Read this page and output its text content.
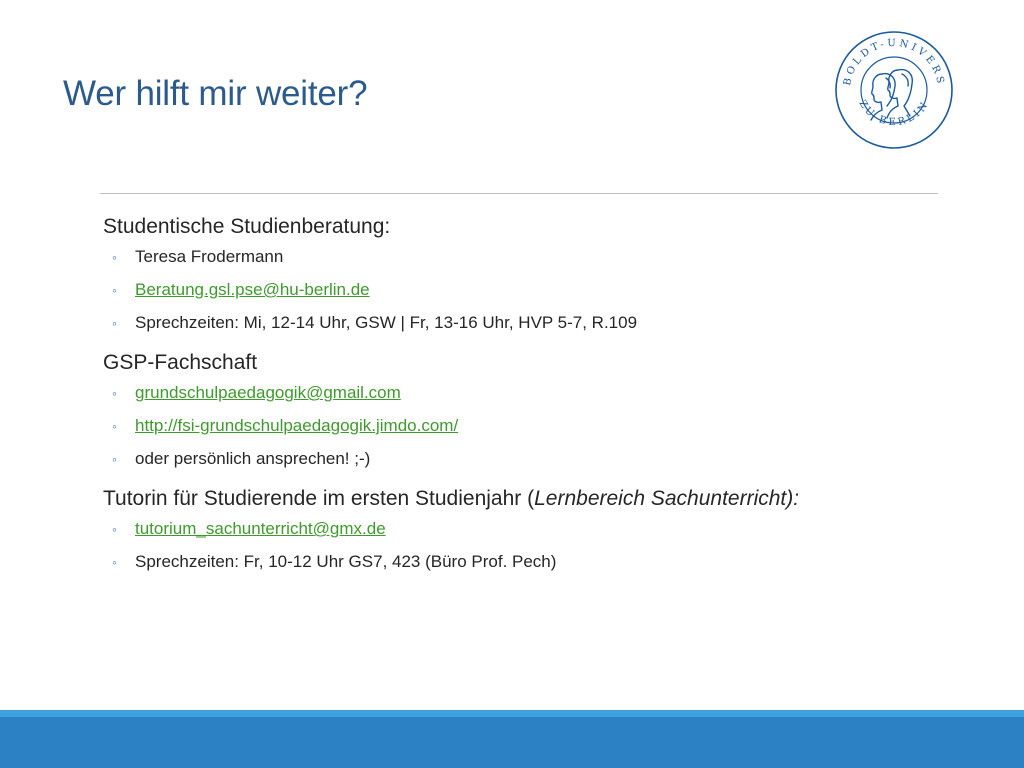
Wer hilft mir weiter?	BOLDT-UNIVERS
ZU BERLIN
Studentische Studienberatung:
◦ Teresa Frodermann
◦ Beratung.gsl.pse@hu-berlin.de
◦ Sprechzeiten: Mi, 12-14 Uhr, GSW | Fr, 13-16 Uhr, HVP 5-7, R.109
GSP-Fachschaft
◦ grundschulpaedagogik@gmail.com
◦ http://fsi-grundschulpaedagogik.jimdo.com/
◦ oder persönlich ansprechen! ;-)
Tutorin für Studierende im ersten Studienjahr (Lernbereich Sachunterricht):
◦ tutorium_sachunterricht@gmx.de
◦ Sprechzeiten: Fr, 10-12 Uhr GS7, 423 (Büro Prof. Pech)
